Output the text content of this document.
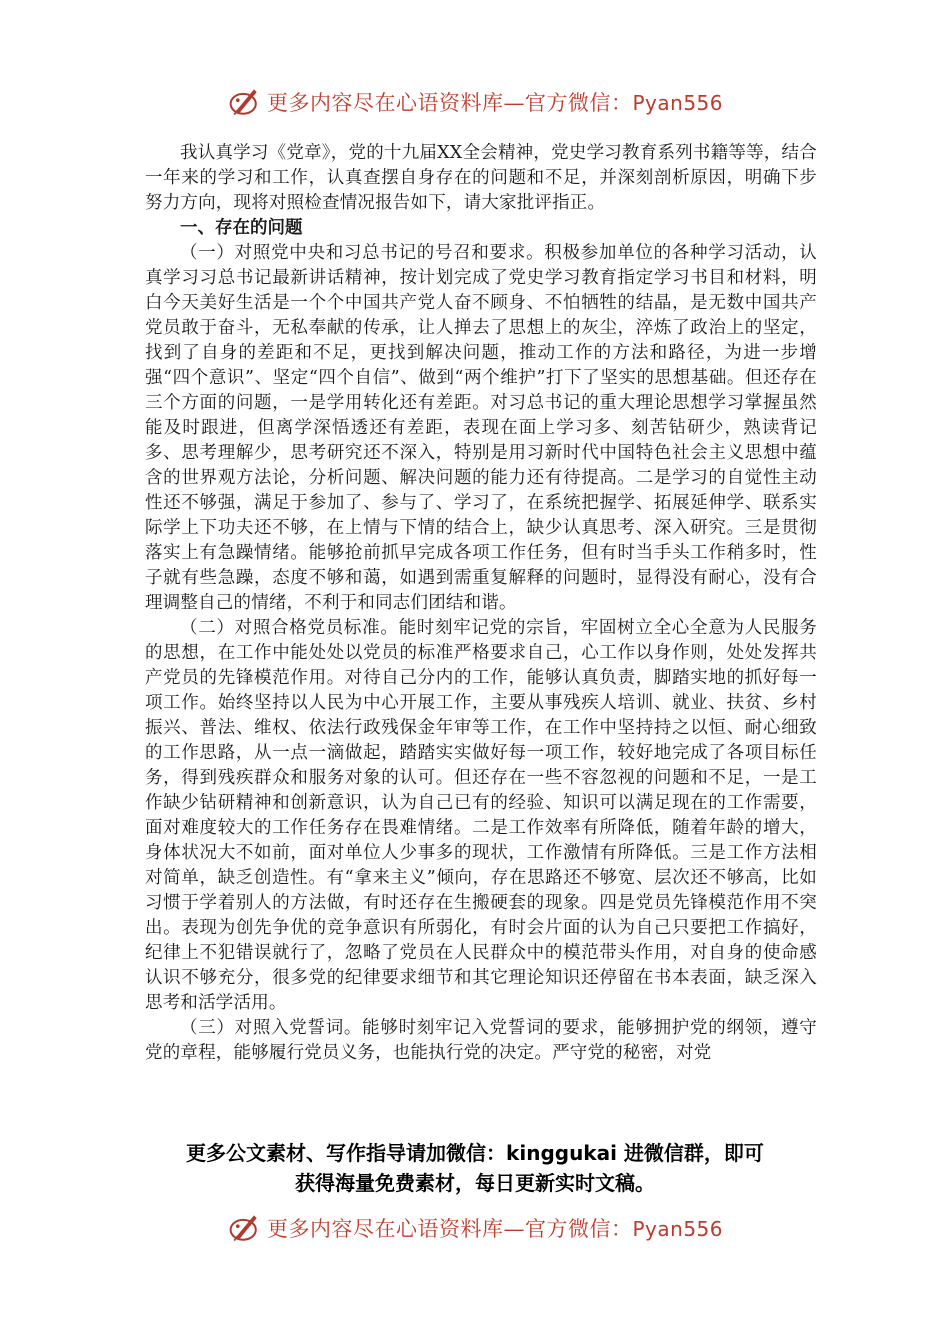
更多内容尽在心语资料库—官方微信：Pyan556

我认真学习《党章》，党的十九届XX全会精神，党史学习教育系列书籍等等，结合一年来的学习和工作，认真查摆自身存在的问题和不足，并深刻剖析原因，明确下步努力方向，现将对照检查情况报告如下，请大家批评指正。

一、存在的问题

（一）对照党中央和习总书记的号召和要求。积极参加单位的各种学习活动，认真学习习总书记最新讲话精神，按计划完成了党史学习教育指定学习书目和材料，明白今天美好生活是一个个中国共产党人奋不顾身、不怕牺牲的结晶，是无数中国共产党员敢于奋斗，无私奉献的传承，让人掸去了思想上的灰尘，淬炼了政治上的坚定，找到了自身的差距和不足，更找到解决问题，推动工作的方法和路径，为进一步增强“四个意识”、坚定“四个自信”、做到“两个维护”打下了坚实的思想基础。但还存在三个方面的问题，一是学用转化还有差距。对习总书记的重大理论思想学习掌握虽然能及时跟进，但离学深悟透还有差距，表现在面上学习多、刻苦钻研少，熟读背记多、思考理解少，思考研究还不深入，特别是用习新时代中国特色社会主义思想中蕴含的世界观方法论，分析问题、解决问题的能力还有待提高。二是学习的自觉性主动性还不够强，满足于参加了、参与了、学习了，在系统把握学、拓展延伸学、联系实际学上下功夫还不够，在上情与下情的结合上，缺少认真思考、深入研究。三是贯彻落实上有急躁情绪。能够抢前抓早完成各项工作任务，但有时当手头工作稍多时，性子就有些急躁，态度不够和蔼，如遇到需重复解释的问题时，显得没有耐心，没有合理调整自己的情绪，不利于和同志们团结和谐。

（二）对照合格党员标准。能时刻牢记党的宗旨，牢固树立全心全意为人民服务的思想，在工作中能处处以党员的标准严格要求自己，心工作以身作则，处处发挥共产党员的先锋模范作用。对待自己分内的工作，能够认真负责，脚踏实地的抓好每一项工作。始终坚持以人民为中心开展工作，主要从事残疾人培训、就业、扶贫、乡村振兴、普法、维权、依法行政残保金年审等工作，在工作中坚持持之以恒、耐心细致的工作思路，从一点一滴做起，踏踏实实做好每一项工作，较好地完成了各项目标任务，得到残疾群众和服务对象的认可。但还存在一些不容忽视的问题和不足，一是工作缺少钻研精神和创新意识，认为自己已有的经验、知识可以满足现在的工作需要，面对难度较大的工作任务存在畏难情绪。二是工作效率有所降低，随着年龄的增大，身体状况大不如前，面对单位人少事多的现状，工作激情有所降低。三是工作方法相对简单，缺乏创造性。有“拿来主义”倾向，存在思路还不够宽、层次还不够高，比如习惯于学着别人的方法做，有时还存在生搬硬套的现象。四是党员先锋模范作用不突出。表现为创先争优的竞争意识有所弱化，有时会片面的认为自己只要把工作搞好，纪律上不犯错误就行了，忽略了党员在人民群众中的模范带头作用，对自身的使命感认识不够充分，很多党的纪律要求细节和其它理论知识还停留在书本表面，缺乏深入思考和活学活用。

（三）对照入党誓词。能够时刻牢记入党誓词的要求，能够拥护党的纲领，遵守党的章程，能够履行党员义务，也能执行党的决定。严守党的秘密，对党

更多公文素材、写作指导请加微信：kinggukai 进微信群，即可
获得海量免费素材，每日更新实时文稿。
更多内容尽在心语资料库—官方微信：Pyan556
